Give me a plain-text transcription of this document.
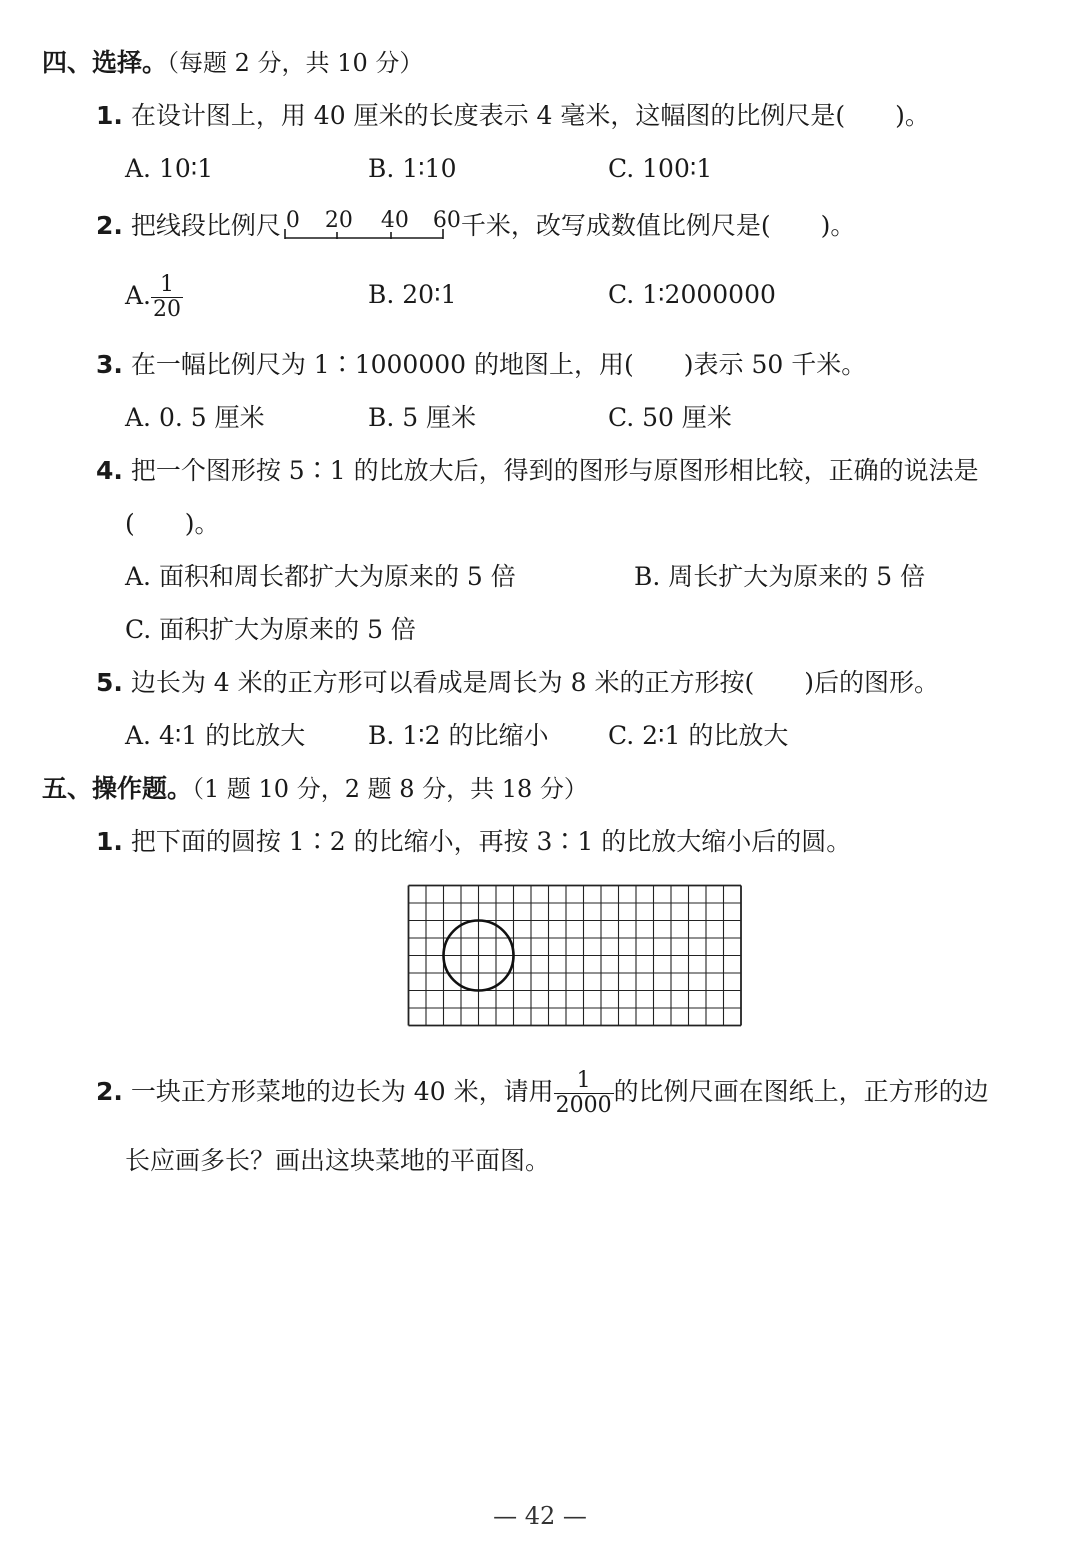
四、选择。（每题 2 分，共 10 分）
1. 在设计图上，用 40 厘米的长度表示 4 毫米，这幅图的比例尺是(　　)。
A. 10∶1	B. 1∶10	C. 100∶1
2. 把线段比例尺 0 20 40 60 千米，改写成数值比例尺是(　　)。
A. $\frac{1}{20}$	B. 20∶1	C. 1∶2000000
3. 在一幅比例尺为 1∶1000000 的地图上，用(　　)表示 50 千米。
A. 0. 5 厘米	B. 5 厘米	C. 50 厘米
4. 把一个图形按 5∶1 的比放大后，得到的图形与原图形相比较，正确的说法是
(　　)。
A. 面积和周长都扩大为原来的 5 倍	B. 周长扩大为原来的 5 倍
C. 面积扩大为原来的 5 倍
5. 边长为 4 米的正方形可以看成是周长为 8 米的正方形按(　　)后的图形。
A. 4∶1 的比放大	B. 1∶2 的比缩小 C. 2∶1 的比放大
五、操作题。（1 题 10 分，2 题 8 分，共 18 分）
1. 把下面的圆按 1∶2 的比缩小，再按 3∶1 的比放大缩小后的圆。
2. 一块正方形菜地的边长为 40 米，请用 $\frac{1}{2000}$ 的比例尺画在图纸上，正方形的边
长应画多长？画出这块菜地的平面图。
— 42 —
